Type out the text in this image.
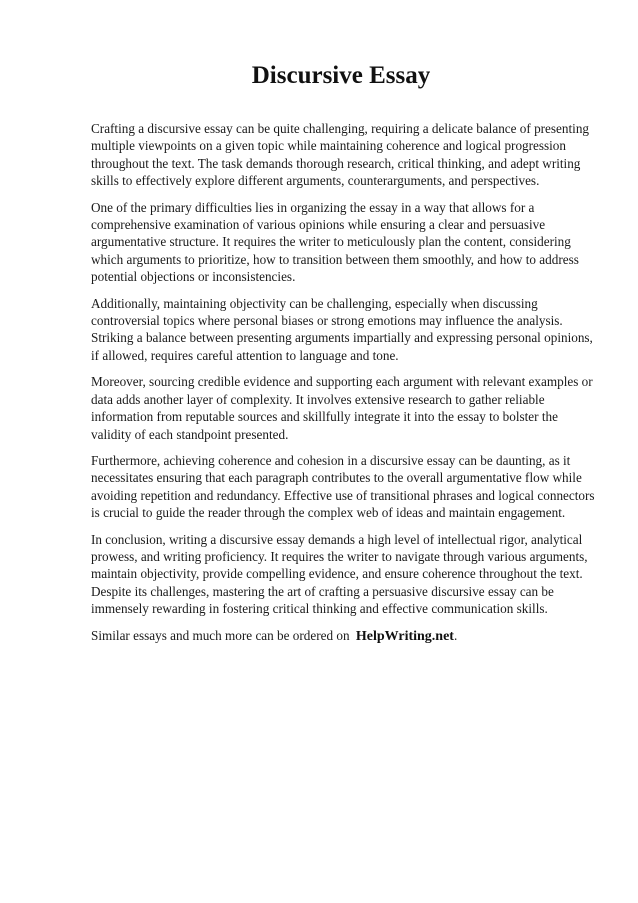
Discursive Essay

Crafting a discursive essay can be quite challenging, requiring a delicate balance of presenting multiple viewpoints on a given topic while maintaining coherence and logical progression throughout the text. The task demands thorough research, critical thinking, and adept writing skills to effectively explore different arguments, counterarguments, and perspectives.

One of the primary difficulties lies in organizing the essay in a way that allows for a comprehensive examination of various opinions while ensuring a clear and persuasive argumentative structure. It requires the writer to meticulously plan the content, considering which arguments to prioritize, how to transition between them smoothly, and how to address potential objections or inconsistencies.

Additionally, maintaining objectivity can be challenging, especially when discussing controversial topics where personal biases or strong emotions may influence the analysis. Striking a balance between presenting arguments impartially and expressing personal opinions, if allowed, requires careful attention to language and tone.

Moreover, sourcing credible evidence and supporting each argument with relevant examples or data adds another layer of complexity. It involves extensive research to gather reliable information from reputable sources and skillfully integrate it into the essay to bolster the validity of each standpoint presented.

Furthermore, achieving coherence and cohesion in a discursive essay can be daunting, as it necessitates ensuring that each paragraph contributes to the overall argumentative flow while avoiding repetition and redundancy. Effective use of transitional phrases and logical connectors is crucial to guide the reader through the complex web of ideas and maintain engagement.

In conclusion, writing a discursive essay demands a high level of intellectual rigor, analytical prowess, and writing proficiency. It requires the writer to navigate through various arguments, maintain objectivity, provide compelling evidence, and ensure coherence throughout the text. Despite its challenges, mastering the art of crafting a persuasive discursive essay can be immensely rewarding in fostering critical thinking and effective communication skills.

Similar essays and much more can be ordered on HelpWriting.net.
